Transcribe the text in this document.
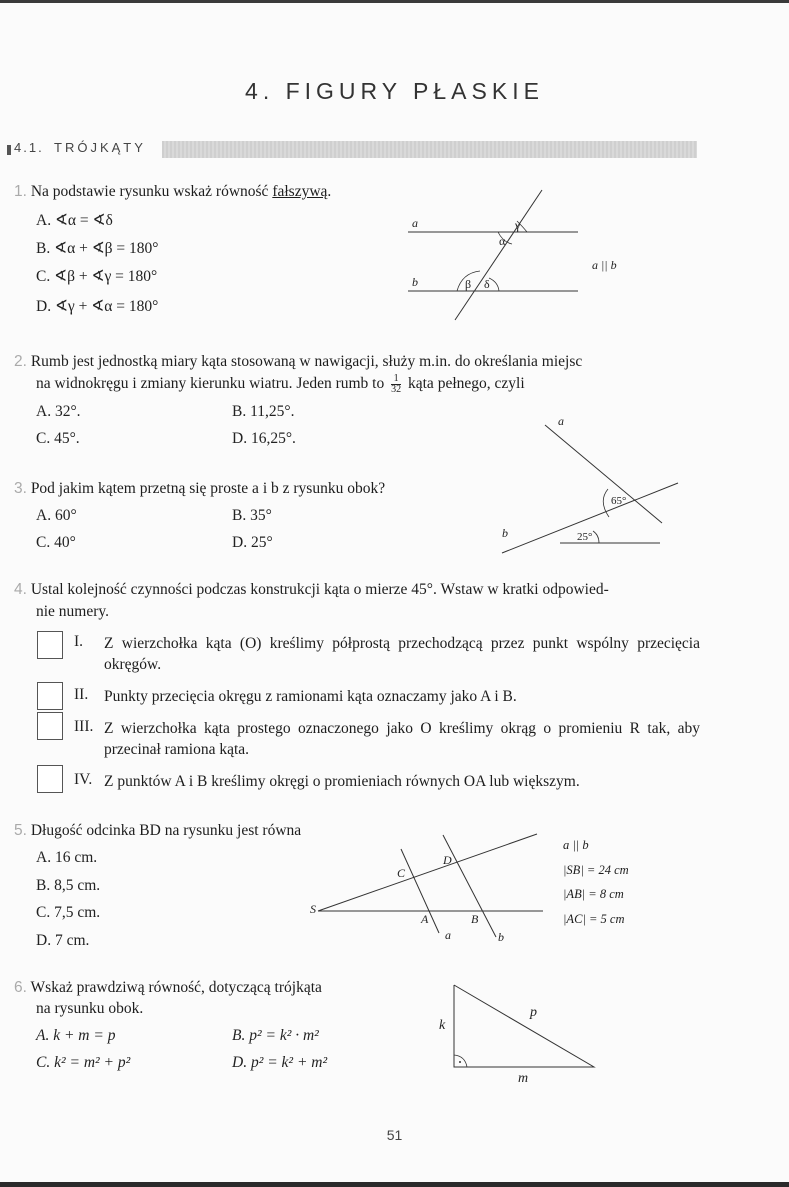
4. FIGURY PŁASKIE
4.1. TRÓJKĄTY
1. Na podstawie rysunku wskaż równość fałszywą.
A. ∢α = ∢δ
B. ∢α + ∢β = 180°
C. ∢β + ∢γ = 180°
D. ∢γ + ∢α = 180°
a
b
γ
α
β δ
a || b
2. Rumb jest jednostką miary kąta stosowaną w nawigacji, służy m.in. do określania miejsc
na widnokręgu i zmiany kierunku wiatru. Jeden rumb to $\frac{1}{32}$ kąta pełnego, czyli
A. 32°.	B. 11,25°.
C. 45°.	D. 16,25°.
3. Pod jakim kątem przetną się proste a i b z rysunku obok?
A. 60°	B. 35°
C. 40°	D. 25°
a
b
65°
25°
4. Ustal kolejność czynności podczas konstrukcji kąta o mierze 45°. Wstaw w kratki odpowied-
nie numery.
I. Z wierzchołka kąta (O) kreślimy półprostą przechodzącą przez punkt wspólny przecięcia okręgów.
II. Punkty przecięcia okręgu z ramionami kąta oznaczamy jako A i B.
III. Z wierzchołka kąta prostego oznaczonego jako O kreślimy okrąg o promieniu R tak, aby przecinał ramiona kąta.
IV. Z punktów A i B kreślimy okręgi o promieniach równych OA lub większym.
5. Długość odcinka BD na rysunku jest równa
A. 16 cm.
B. 8,5 cm.
C. 7,5 cm.
D. 7 cm.
S
C
D
A	B
a	b
a || b
|SB| = 24 cm
|AB| = 8 cm
|AC| = 5 cm
6. Wskaż prawdziwą równość, dotyczącą trójkąta
na rysunku obok.
A. k + m = p	B. p² = k² · m²
C. k² = m² + p²	D. p² = k² + m²
k
p
m
51
